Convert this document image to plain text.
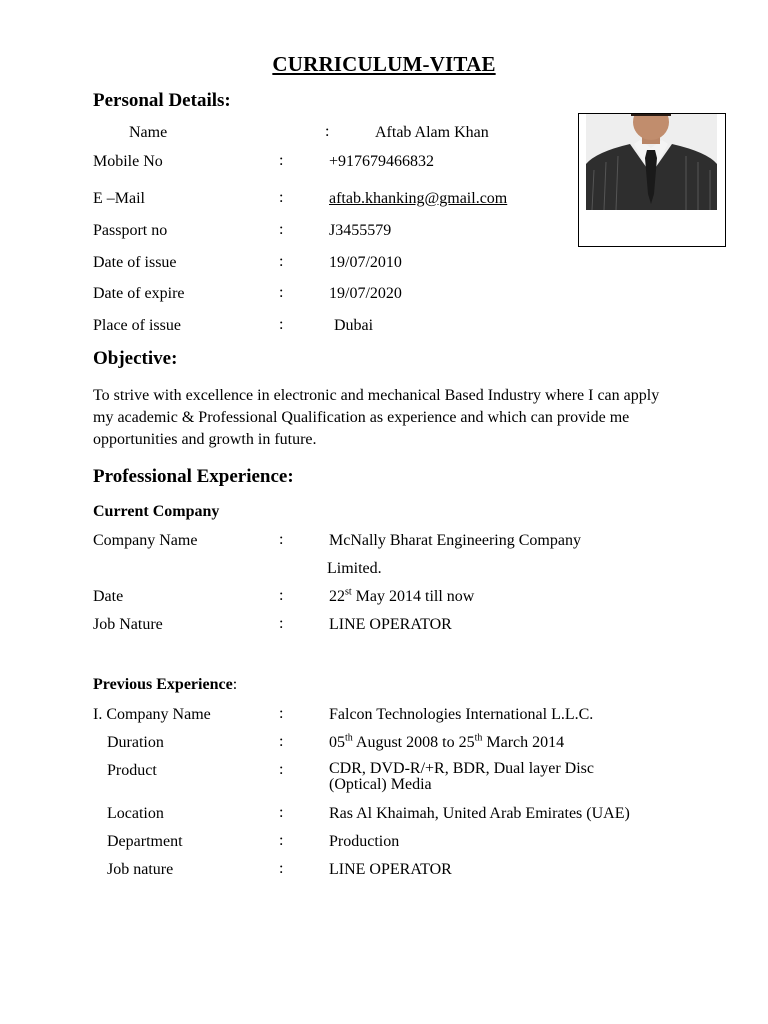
CURRICULUM-VITAE
Personal Details:
Name	:	Aftab Alam Khan
Mobile No	:	+917679466832
E –Mail	:	aftab.khanking@gmail.com
Passport no	:	J3455579
Date of issue	:	19/07/2010
Date of expire	:	19/07/2020
Place of issue	:	Dubai
Objective:
To strive with excellence in electronic and mechanical Based Industry where I can apply my academic & Professional Qualification as experience and which can provide me opportunities and growth in future.
Professional Experience:
Current Company
Company Name	:	McNally Bharat Engineering Company
Limited.
Date	:	22st May 2014 till now
Job Nature	:	LINE OPERATOR
Previous Experience:
I. Company Name	:	Falcon Technologies International L.L.C.
Duration	:	05th August 2008 to 25th March 2014
Product	:	CDR, DVD-R/+R, BDR, Dual layer Disc
(Optical) Media
Location	:	Ras Al Khaimah, United Arab Emirates (UAE)
Department	:	Production
Job nature	:	LINE OPERATOR
